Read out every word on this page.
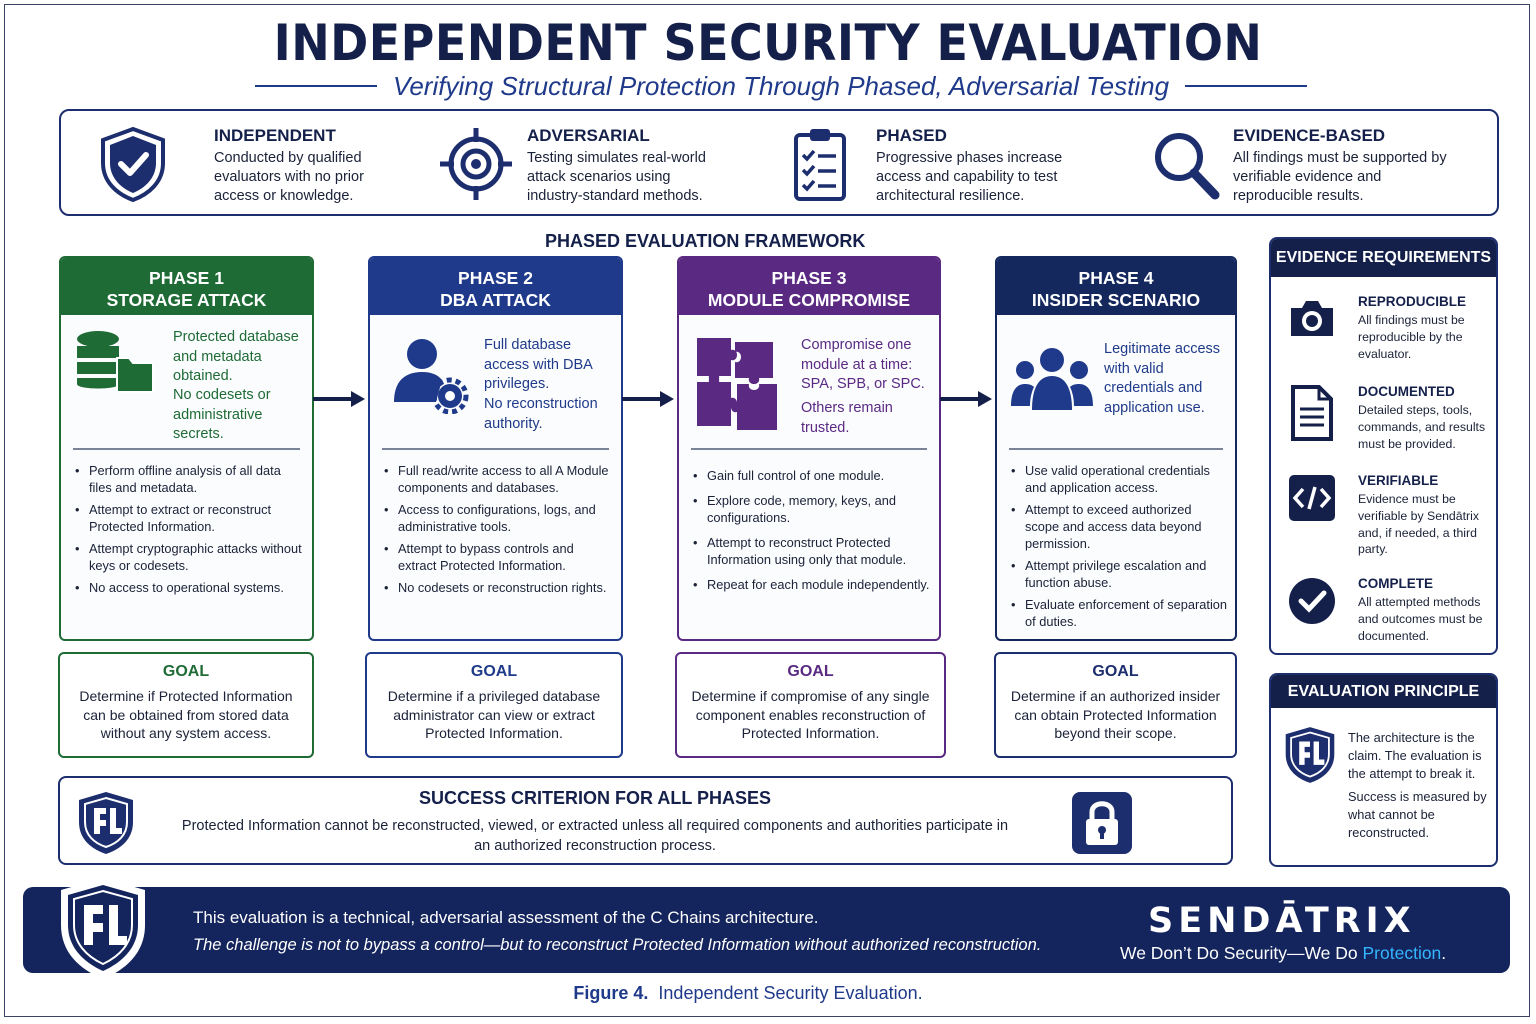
INDEPENDENT SECURITY EVALUATION
Verifying Structural Protection Through Phased, Adversarial Testing
INDEPENDENT
Conducted by qualified evaluators with no prior access or knowledge.
ADVERSARIAL
Testing simulates real-world attack scenarios using industry-standard methods.
PHASED
Progressive phases increase access and capability to test architectural resilience.
EVIDENCE-BASED
All findings must be supported by verifiable evidence and reproducible results.
PHASED EVALUATION FRAMEWORK
PHASE 1
STORAGE ATTACK
Protected database and metadata obtained.
No codesets or administrative secrets.
• Perform offline analysis of all data files and metadata.
• Attempt to extract or reconstruct Protected Information.
• Attempt cryptographic attacks without keys or codesets.
• No access to operational systems.
PHASE 2
DBA ATTACK
Full database access with DBA privileges.
No reconstruction authority.
• Full read/write access to all A Module components and databases.
• Access to configurations, logs, and administrative tools.
• Attempt to bypass controls and extract Protected Information.
• No codesets or reconstruction rights.
PHASE 3
MODULE COMPROMISE
Compromise one module at a time: SPA, SPB, or SPC.
Others remain trusted.
• Gain full control of one module.
• Explore code, memory, keys, and configurations.
• Attempt to reconstruct Protected Information using only that module.
• Repeat for each module independently.
PHASE 4
INSIDER SCENARIO
Legitimate access with valid credentials and application use.
• Use valid operational credentials and application access.
• Attempt to exceed authorized scope and access data beyond permission.
• Attempt privilege escalation and function abuse.
• Evaluate enforcement of separation of duties.
GOAL
Determine if Protected Information can be obtained from stored data without any system access.
GOAL
Determine if a privileged database administrator can view or extract Protected Information.
GOAL
Determine if compromise of any single component enables reconstruction of Protected Information.
GOAL
Determine if an authorized insider can obtain Protected Information beyond their scope.
SUCCESS CRITERION FOR ALL PHASES
Protected Information cannot be reconstructed, viewed, or extracted unless all required components and authorities participate in an authorized reconstruction process.
EVIDENCE REQUIREMENTS
REPRODUCIBLE
All findings must be reproducible by the evaluator.
DOCUMENTED
Detailed steps, tools, commands, and results must be provided.
VERIFIABLE
Evidence must be verifiable by Sendātrix and, if needed, a third party.
COMPLETE
All attempted methods and outcomes must be documented.
EVALUATION PRINCIPLE
The architecture is the claim. The evaluation is the attempt to break it.
Success is measured by what cannot be reconstructed.
This evaluation is a technical, adversarial assessment of the C Chains architecture.
The challenge is not to bypass a control—but to reconstruct Protected Information without authorized reconstruction.
SENDĀTRIX
We Don’t Do Security—We Do Protection.
Figure 4. Independent Security Evaluation.
